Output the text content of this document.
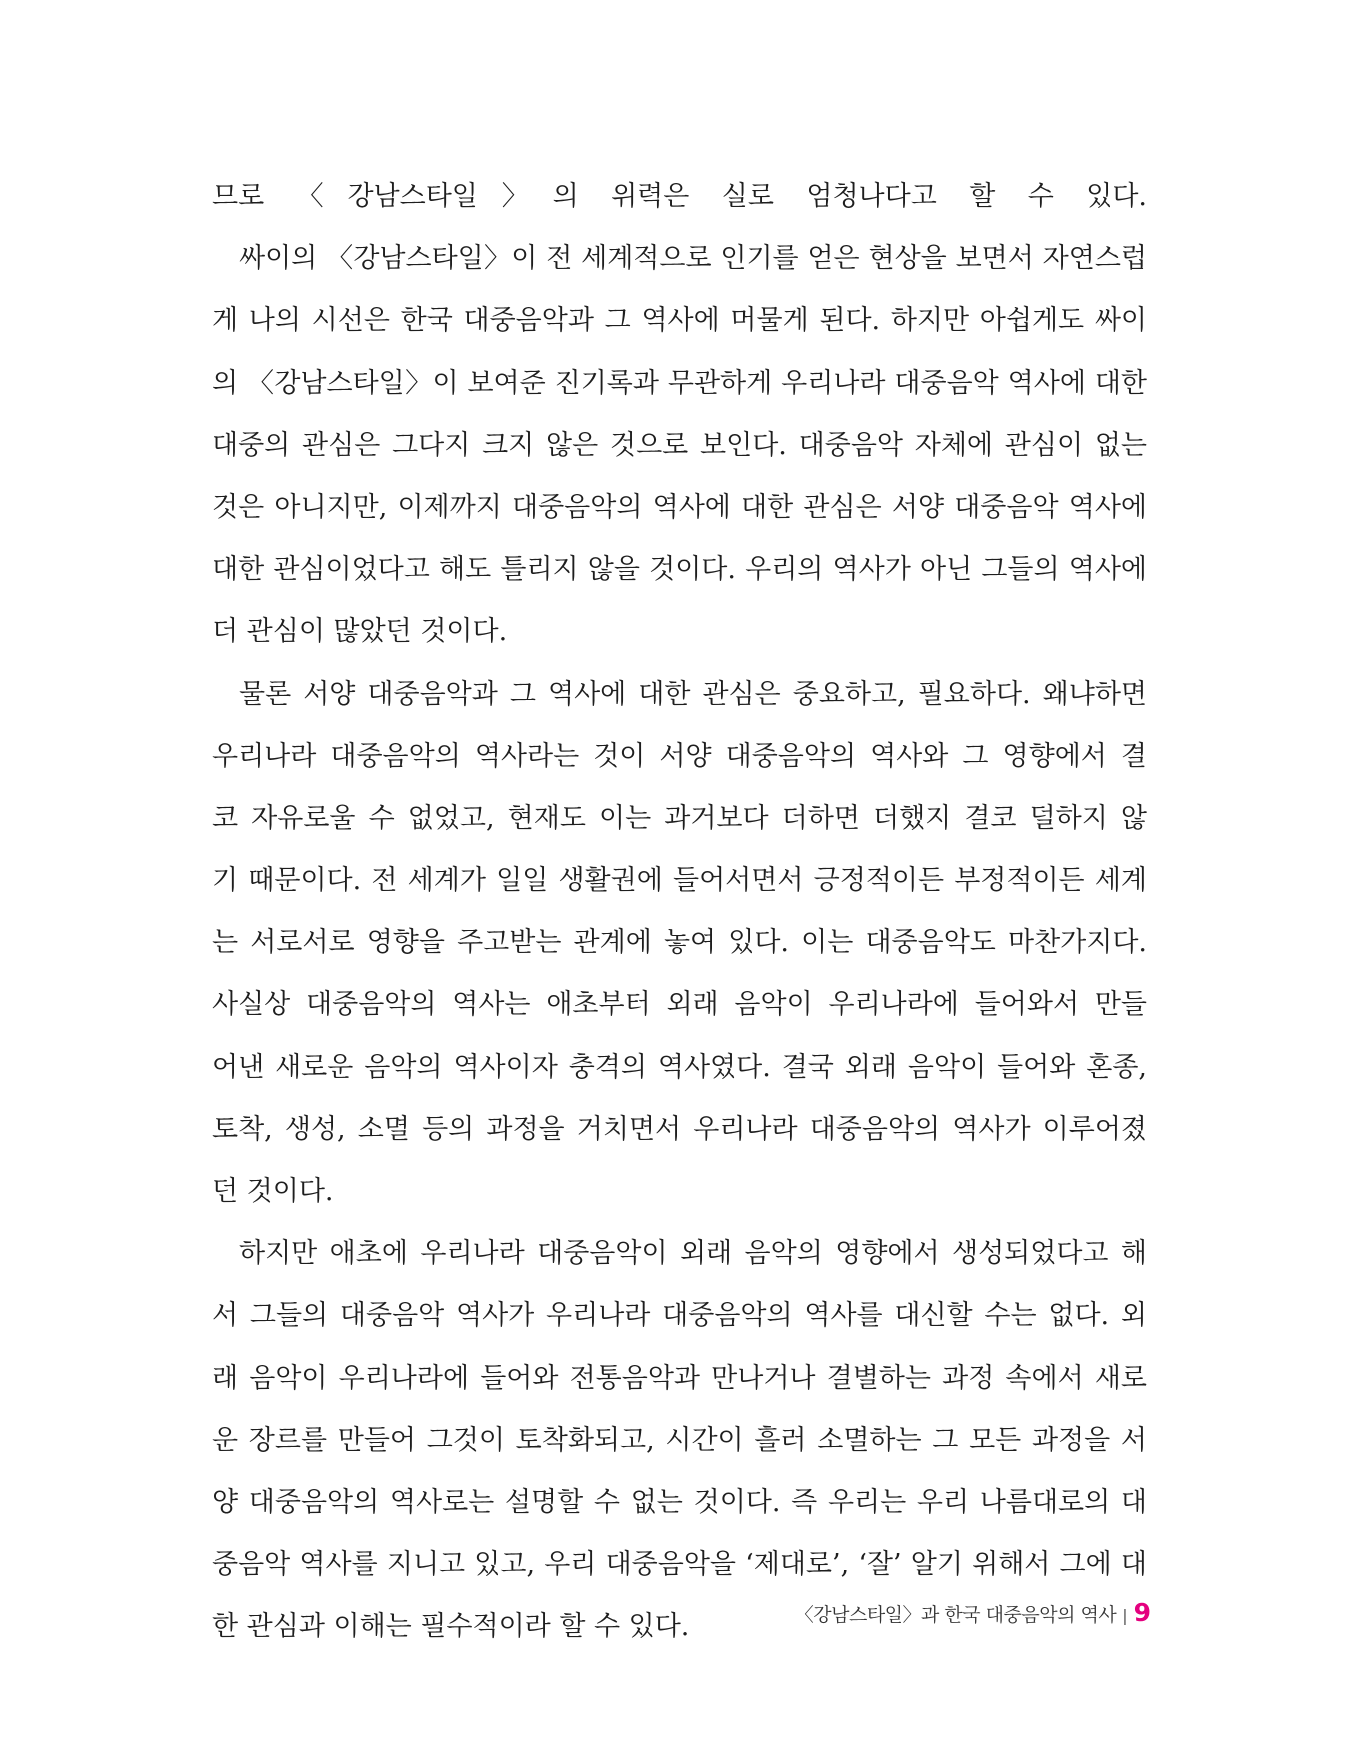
므로 〈강남스타일〉의 위력은 실로 엄청나다고 할 수 있다.
싸이의 〈강남스타일〉이 전 세계적으로 인기를 얻은 현상을 보면서 자연스럽
게 나의 시선은 한국 대중음악과 그 역사에 머물게 된다. 하지만 아쉽게도 싸이
의 〈강남스타일〉이 보여준 진기록과 무관하게 우리나라 대중음악 역사에 대한
대중의 관심은 그다지 크지 않은 것으로 보인다. 대중음악 자체에 관심이 없는
것은 아니지만, 이제까지 대중음악의 역사에 대한 관심은 서양 대중음악 역사에
대한 관심이었다고 해도 틀리지 않을 것이다. 우리의 역사가 아닌 그들의 역사에
더 관심이 많았던 것이다.
물론 서양 대중음악과 그 역사에 대한 관심은 중요하고, 필요하다. 왜냐하면
우리나라 대중음악의 역사라는 것이 서양 대중음악의 역사와 그 영향에서 결
코 자유로울 수 없었고, 현재도 이는 과거보다 더하면 더했지 결코 덜하지 않
기 때문이다. 전 세계가 일일 생활권에 들어서면서 긍정적이든 부정적이든 세계
는 서로서로 영향을 주고받는 관계에 놓여 있다. 이는 대중음악도 마찬가지다.
사실상 대중음악의 역사는 애초부터 외래 음악이 우리나라에 들어와서 만들
어낸 새로운 음악의 역사이자 충격의 역사였다. 결국 외래 음악이 들어와 혼종,
토착, 생성, 소멸 등의 과정을 거치면서 우리나라 대중음악의 역사가 이루어졌
던 것이다.
하지만 애초에 우리나라 대중음악이 외래 음악의 영향에서 생성되었다고 해
서 그들의 대중음악 역사가 우리나라 대중음악의 역사를 대신할 수는 없다. 외
래 음악이 우리나라에 들어와 전통음악과 만나거나 결별하는 과정 속에서 새로
운 장르를 만들어 그것이 토착화되고, 시간이 흘러 소멸하는 그 모든 과정을 서
양 대중음악의 역사로는 설명할 수 없는 것이다. 즉 우리는 우리 나름대로의 대
중음악 역사를 지니고 있고, 우리 대중음악을 ‘제대로’, ‘잘’ 알기 위해서 그에 대
한 관심과 이해는 필수적이라 할 수 있다.	〈강남스타일〉과 한국 대중음악의 역사 | 9
